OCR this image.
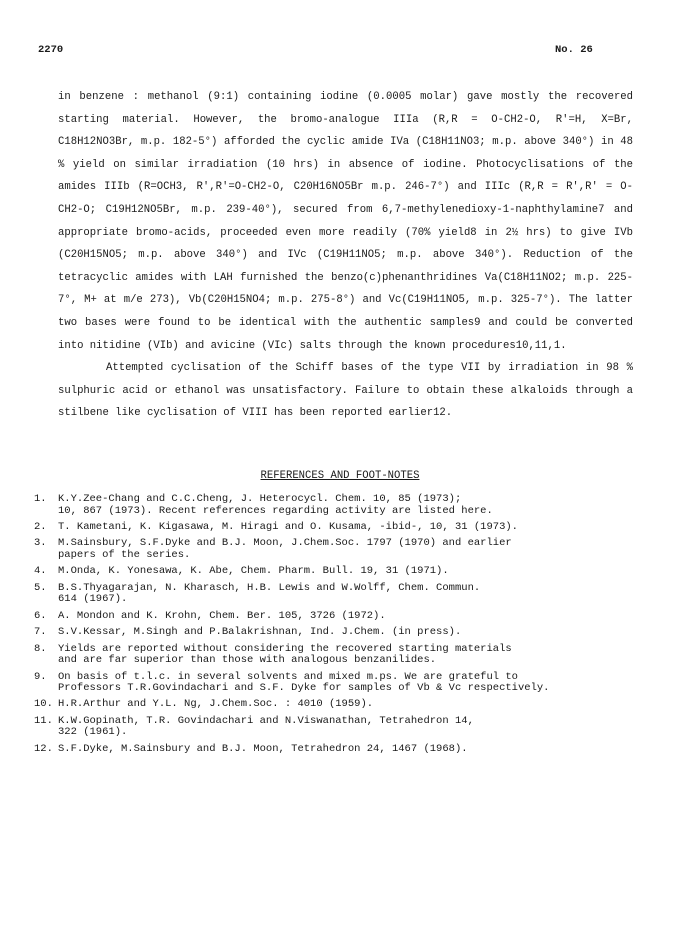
2270	No. 26

in benzene : methanol (9:1) containing iodine (0.0005 molar) gave mostly the recovered starting material. However, the bromo-analogue IIIa (R,R = O-CH2-O, R'=H, X=Br, C18H12NO3Br, m.p. 182-5°) afforded the cyclic amide IVa (C18H11NO3; m.p. above 340°) in 48 % yield on similar irradiation (10 hrs) in absence of iodine. Photocyclisations of the amides IIIb (R=OCH3, R',R'=O-CH2-O, C20H16NO5Br m.p. 246-7°) and IIIc (R,R = R',R' = O-CH2-O; C19H12NO5Br, m.p. 239-40°), secured from 6,7-methylenedioxy-1-naphthylamine7 and appropriate bromo-acids, proceeded even more readily (70% yield8 in 2½ hrs) to give IVb (C20H15NO5; m.p. above 340°) and IVc (C19H11NO5; m.p. above 340°). Reduction of the tetracyclic amides with LAH furnished the benzo(c)phenanthridines Va(C18H11NO2; m.p. 225-7°, M+ at m/e 273), Vb(C20H15NO4; m.p. 275-8°) and Vc(C19H11NO5, m.p. 325-7°). The latter two bases were found to be identical with the authentic samples9 and could be converted into nitidine (VIb) and avicine (VIc) salts through the known procedures10,11,1.

Attempted cyclisation of the Schiff bases of the type VII by irradiation in 98 % sulphuric acid or ethanol was unsatisfactory. Failure to obtain these alkaloids through a stilbene like cyclisation of VIII has been reported earlier12.

REFERENCES AND FOOT-NOTES
1.	K.Y.Zee-Chang and C.C.Cheng, J. Heterocycl. Chem. 10, 85 (1973);
10, 867 (1973). Recent references regarding activity are listed here.
2.	T. Kametani, K. Kigasawa, M. Hiragi and O. Kusama, -ibid-, 10, 31 (1973).
3.	M.Sainsbury, S.F.Dyke and B.J. Moon, J.Chem.Soc. 1797 (1970) and earlier
papers of the series.
4.	M.Onda, K. Yonesawa, K. Abe, Chem. Pharm. Bull. 19, 31 (1971).
5.	B.S.Thyagarajan, N. Kharasch, H.B. Lewis and W.Wolff, Chem. Commun.
614 (1967).
6.	A. Mondon and K. Krohn, Chem. Ber. 105, 3726 (1972).
7.	S.V.Kessar, M.Singh and P.Balakrishnan, Ind. J.Chem. (in press).
8.	Yields are reported without considering the recovered starting materials
and are far superior than those with analogous benzanilides.
9.	On basis of t.l.c. in several solvents and mixed m.ps. We are grateful to
Professors T.R.Govindachari and S.F. Dyke for samples of Vb & Vc respectively.
10. H.R.Arthur and Y.L. Ng, J.Chem.Soc. : 4010 (1959).
11. K.W.Gopinath, T.R. Govindachari and N.Viswanathan, Tetrahedron 14,
322 (1961).
12. S.F.Dyke, M.Sainsbury and B.J. Moon, Tetrahedron 24, 1467 (1968).
